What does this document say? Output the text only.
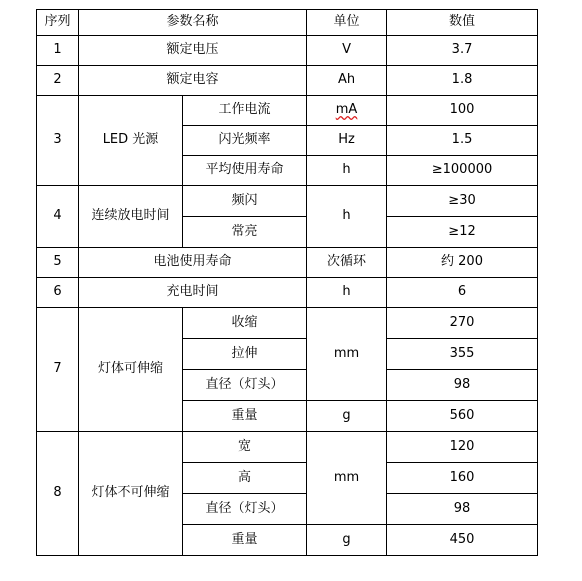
序列	参数名称		单位	数值
1	额定电压		V	3.7
2	额定电容		Ah	1.8
3	LED 光源	工作电流	mA	100
		闪光频率	Hz	1.5
		平均使用寿命	h	≥100000
4	连续放电时间	频闪	h	≥30
		常亮		≥12
5	电池使用寿命		次循环	约 200
6	充电时间		h	6
7	灯体可伸缩	收缩	mm	270
		拉伸		355
		直径（灯头）		98
		重量	g	560
8	灯体不可伸缩	宽	mm	120
		高		160
		直径（灯头）		98
		重量	g	450
